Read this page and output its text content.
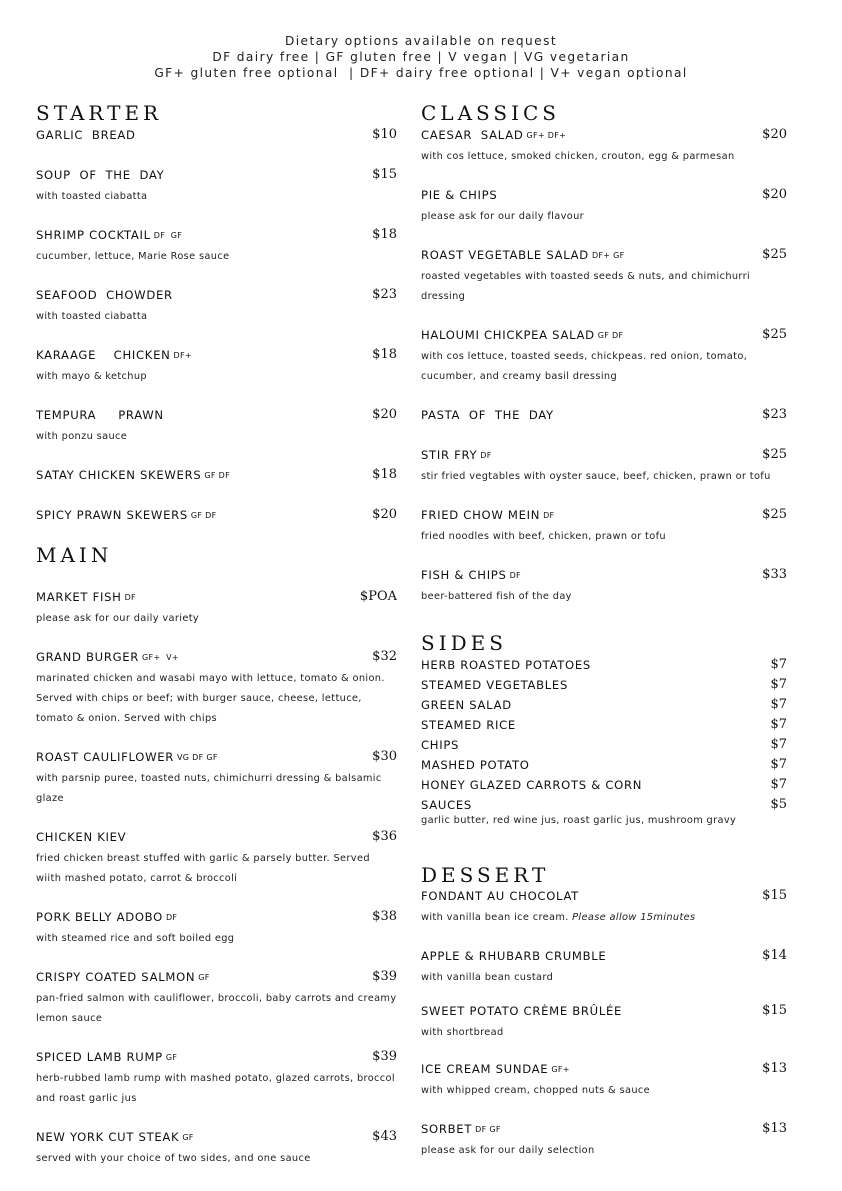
Dietary options available on request
DF dairy free | GF gluten free | V vegan | VG vegetarian
GF+ gluten free optional  | DF+ dairy free optional | V+ vegan optional
STARTER
GARLIC  BREAD	$10
SOUP  OF  THE  DAY	$15
with toasted ciabatta
SHRIMP COCKTAIL DF  GF	$18
cucumber, lettuce, Marie Rose sauce
SEAFOOD  CHOWDER	$23
with toasted ciabatta
KARAAGE    CHICKEN DF+	$18
with mayo & ketchup
TEMPURA     PRAWN	$20
with ponzu sauce
SATAY CHICKEN SKEWERS GF DF	$18
SPICY PRAWN SKEWERS GF DF	$20
MAIN
MARKET FISH DF	$POA
please ask for our daily variety
GRAND BURGER GF+  V+	$32
marinated chicken and wasabi mayo with lettuce, tomato & onion. Served with chips or beef; with burger sauce, cheese, lettuce, tomato & onion. Served with chips
ROAST CAULIFLOWER VG DF GF	$30
with parsnip puree, toasted nuts, chimichurri dressing & balsamic glaze
CHICKEN KIEV	$36
fried chicken breast stuffed with garlic & parsely butter. Served wiith mashed potato, carrot & broccoli
PORK BELLY ADOBO DF	$38
with steamed rice and soft boiled egg
CRISPY COATED SALMON GF	$39
pan-fried salmon with cauliflower, broccoli, baby carrots and creamy lemon sauce
SPICED LAMB RUMP GF	$39
herb-rubbed lamb rump with mashed potato, glazed carrots, broccol and roast garlic jus
NEW YORK CUT STEAK GF	$43
served with your choice of two sides, and one sauce
CLASSICS
CAESAR  SALAD GF+ DF+	$20
with cos lettuce, smoked chicken, crouton, egg & parmesan
PIE & CHIPS	$20
please ask for our daily flavour
ROAST VEGETABLE SALAD DF+ GF	$25
roasted vegetables with toasted seeds & nuts, and chimichurri dressing
HALOUMI CHICKPEA SALAD GF DF	$25
with cos lettuce, toasted seeds, chickpeas. red onion, tomato, cucumber, and creamy basil dressing
PASTA  OF  THE  DAY	$23
STIR FRY DF	$25
stir fried vegtables with oyster sauce, beef, chicken, prawn or tofu
FRIED CHOW MEIN DF	$25
fried noodles with beef, chicken, prawn or tofu
FISH & CHIPS DF	$33
beer-battered fish of the day
SIDES
HERB ROASTED POTATOES	$7
STEAMED VEGETABLES	$7
GREEN SALAD	$7
STEAMED RICE	$7
CHIPS	$7
MASHED POTATO	$7
HONEY GLAZED CARROTS & CORN	$7
SAUCES	$5
garlic butter, red wine jus, roast garlic jus, mushroom gravy
DESSERT
FONDANT AU CHOCOLAT	$15
with vanilla bean ice cream. Please allow 15minutes
APPLE & RHUBARB CRUMBLE	$14
with vanilla bean custard
SWEET POTATO CRÈME BRÛLÉE	$15
with shortbread
ICE CREAM SUNDAE GF+	$13
with whipped cream, chopped nuts & sauce
SORBET DF GF	$13
please ask for our daily selection
